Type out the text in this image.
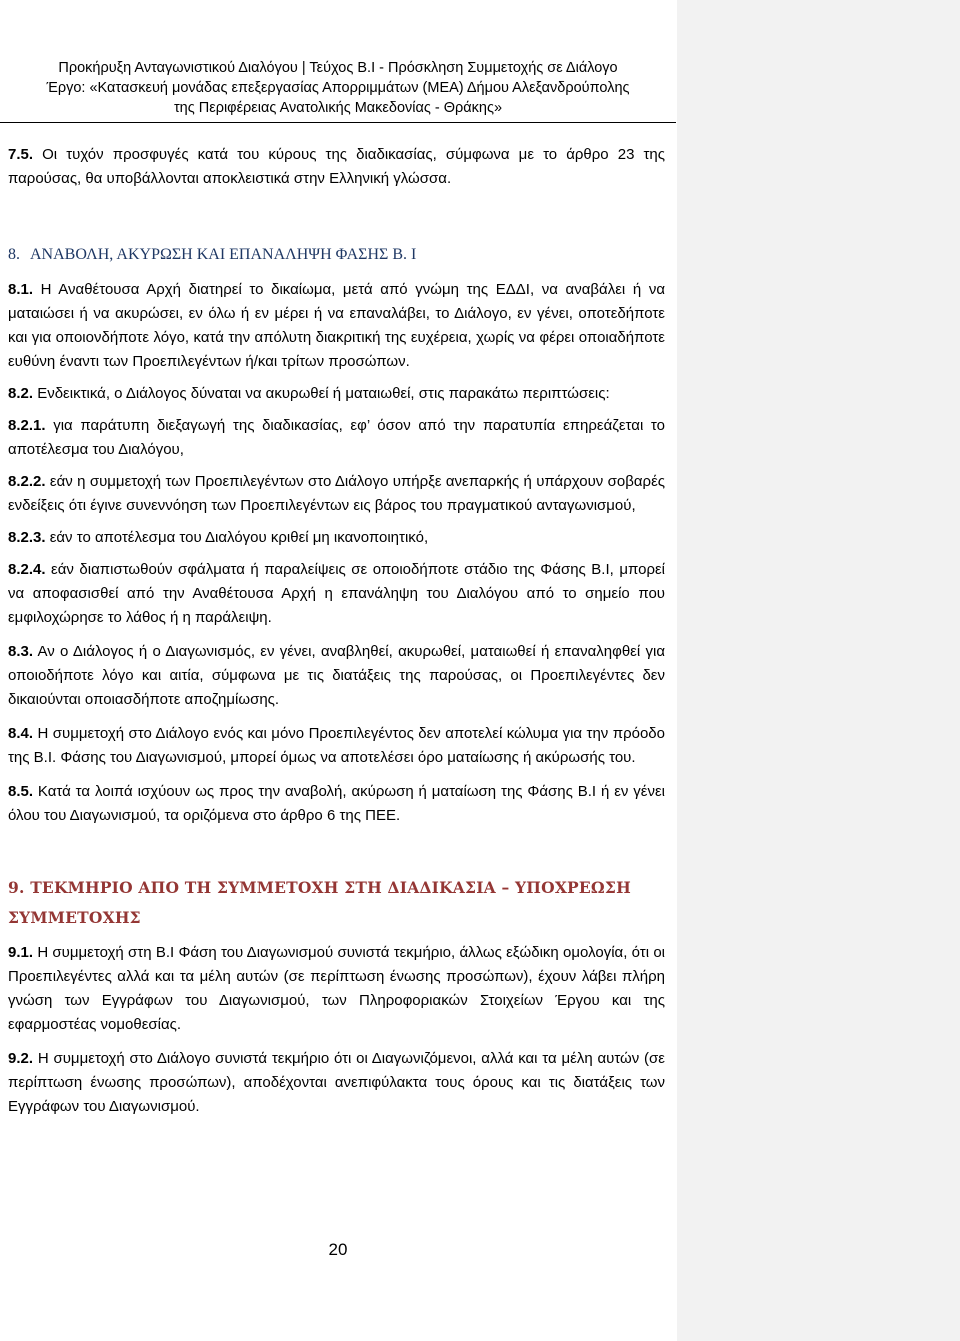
Προκήρυξη Ανταγωνιστικού Διαλόγου | Τεύχος Β.Ι - Πρόσκληση Συμμετοχής σε Διάλογο
Έργο: «Κατασκευή μονάδας επεξεργασίας Απορριμμάτων (ΜΕΑ) Δήμου Αλεξανδρούπολης
της Περιφέρειας Ανατολικής Μακεδονίας - Θράκης»

7.5. Οι τυχόν προσφυγές κατά του κύρους της διαδικασίας, σύμφωνα με το άρθρο 23 της παρούσας, θα υποβάλλονται αποκλειστικά στην Ελληνική γλώσσα.

8. ΑΝΑΒΟΛΗ, ΑΚΥΡΩΣΗ ΚΑΙ ΕΠΑΝΑΛΗΨΗ ΦΑΣΗΣ Β. Ι

8.1. Η Αναθέτουσα Αρχή διατηρεί το δικαίωμα, μετά από γνώμη της ΕΔΔΙ, να αναβάλει ή να ματαιώσει ή να ακυρώσει, εν όλω ή εν μέρει ή να επαναλάβει, το Διάλογο, εν γένει, οποτεδήποτε και για οποιονδήποτε λόγο, κατά την απόλυτη διακριτική της ευχέρεια, χωρίς να φέρει οποιαδήποτε ευθύνη έναντι των Προεπιλεγέντων ή/και τρίτων προσώπων.

8.2. Ενδεικτικά, ο Διάλογος δύναται να ακυρωθεί ή ματαιωθεί, στις παρακάτω περιπτώσεις:

8.2.1. για παράτυπη διεξαγωγή της διαδικασίας, εφ’ όσον από την παρατυπία επηρεάζεται το αποτέλεσμα του Διαλόγου,

8.2.2. εάν η συμμετοχή των Προεπιλεγέντων στο Διάλογο υπήρξε ανεπαρκής ή υπάρχουν σοβαρές ενδείξεις ότι έγινε συνεννόηση των Προεπιλεγέντων εις βάρος του πραγματικού ανταγωνισμού,

8.2.3. εάν το αποτέλεσμα του Διαλόγου κριθεί μη ικανοποιητικό,

8.2.4. εάν διαπιστωθούν σφάλματα ή παραλείψεις σε οποιοδήποτε στάδιο της Φάσης Β.Ι, μπορεί να αποφασισθεί από την Αναθέτουσα Αρχή η επανάληψη του Διαλόγου από το σημείο που εμφιλοχώρησε το λάθος ή η παράλειψη.

8.3. Αν ο Διάλογος ή ο Διαγωνισμός, εν γένει, αναβληθεί, ακυρωθεί, ματαιωθεί ή επαναληφθεί για οποιοδήποτε λόγο και αιτία, σύμφωνα με τις διατάξεις της παρούσας, οι Προεπιλεγέντες δεν δικαιούνται οποιασδήποτε αποζημίωσης.

8.4. Η συμμετοχή στο Διάλογο ενός και μόνο Προεπιλεγέντος δεν αποτελεί κώλυμα για την πρόοδο της Β.Ι. Φάσης του Διαγωνισμού, μπορεί όμως να αποτελέσει όρο ματαίωσης ή ακύρωσής του.

8.5. Κατά τα λοιπά ισχύουν ως προς την αναβολή, ακύρωση ή ματαίωση της Φάσης Β.Ι ή εν γένει όλου του Διαγωνισμού, τα οριζόμενα στο άρθρο 6 της ΠΕΕ.

9. ΤΕΚΜΗΡΙΟ ΑΠΟ ΤΗ ΣΥΜΜΕΤΟΧΗ ΣΤΗ ΔΙΑΔΙΚΑΣΙΑ – ΥΠΟΧΡΕΩΣΗ ΣΥΜΜΕΤΟΧΗΣ

9.1. Η συμμετοχή στη Β.Ι Φάση του Διαγωνισμού συνιστά τεκμήριο, άλλως εξώδικη ομολογία, ότι οι Προεπιλεγέντες αλλά και τα μέλη αυτών (σε περίπτωση ένωσης προσώπων), έχουν λάβει πλήρη γνώση των Εγγράφων του Διαγωνισμού, των Πληροφοριακών Στοιχείων Έργου και της εφαρμοστέας νομοθεσίας.

9.2. Η συμμετοχή στο Διάλογο συνιστά τεκμήριο ότι οι Διαγωνιζόμενοι, αλλά και τα μέλη αυτών (σε περίπτωση ένωσης προσώπων), αποδέχονται ανεπιφύλακτα τους όρους και τις διατάξεις των Εγγράφων του Διαγωνισμού.

20
